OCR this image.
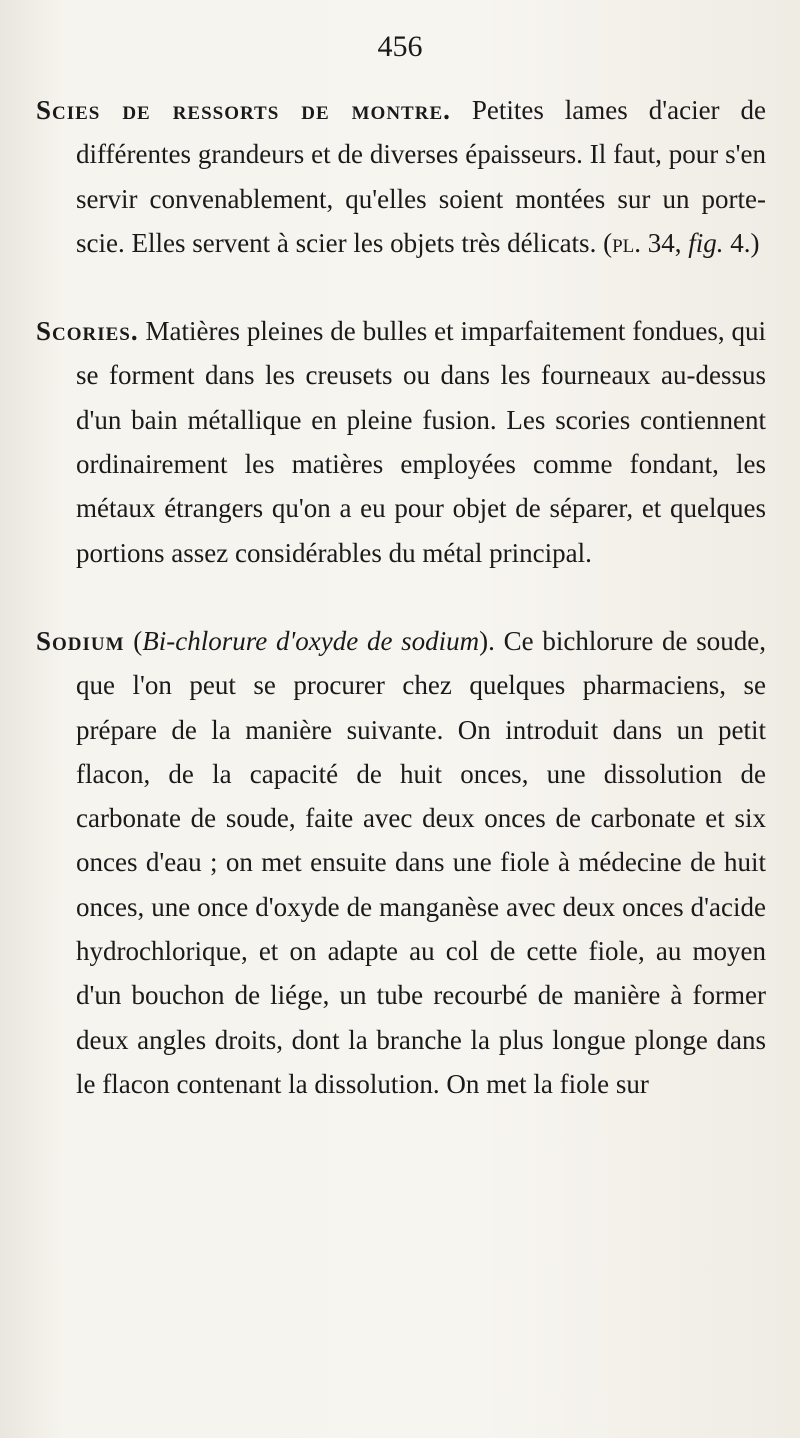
456

Scies de ressorts de montre. Petites lames d'acier de différentes grandeurs et de diverses épaisseurs. Il faut, pour s'en servir convenablement, qu'elles soient montées sur un porte-scie. Elles servent à scier les objets très délicats. (pl. 34, fig. 4.)

Scories. Matières pleines de bulles et imparfaitement fondues, qui se forment dans les creusets ou dans les fourneaux au-dessus d'un bain métallique en pleine fusion. Les scories contiennent ordinairement les matières employées comme fondant, les métaux étrangers qu'on a eu pour objet de séparer, et quelques portions assez considérables du métal principal.

Sodium (Bi-chlorure d'oxyde de sodium). Ce bichlorure de soude, que l'on peut se procurer chez quelques pharmaciens, se prépare de la manière suivante. On introduit dans un petit flacon, de la capacité de huit onces, une dissolution de carbonate de soude, faite avec deux onces de carbonate et six onces d'eau ; on met ensuite dans une fiole à médecine de huit onces, une once d'oxyde de manganèse avec deux onces d'acide hydrochlorique, et on adapte au col de cette fiole, au moyen d'un bouchon de liége, un tube recourbé de manière à former deux angles droits, dont la branche la plus longue plonge dans le flacon contenant la dissolution. On met la fiole sur
